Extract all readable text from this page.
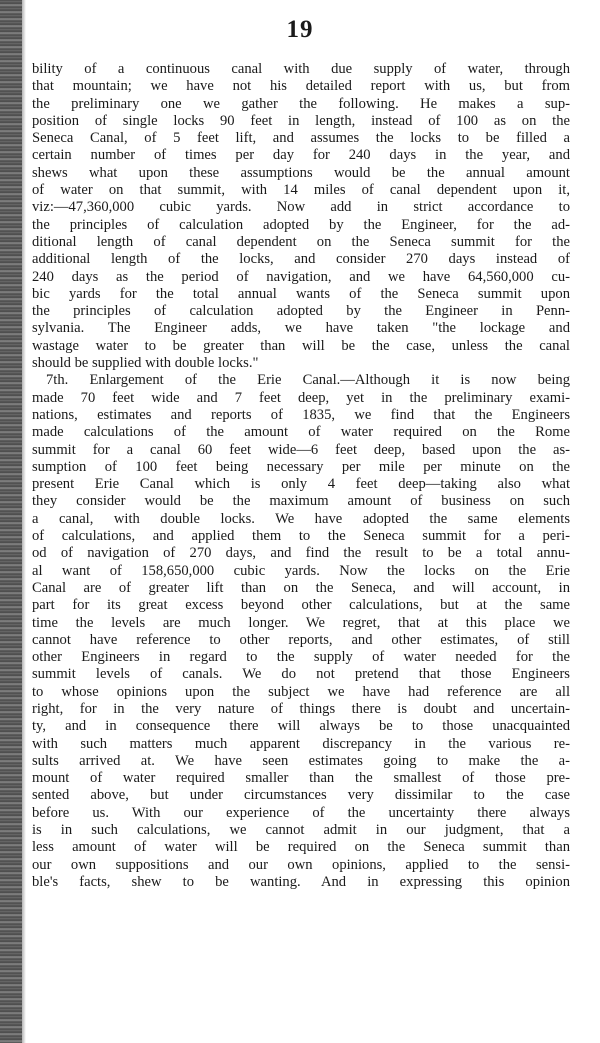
19
bility of a continuous canal with due supply of water, through
that mountain; we have not his detailed report with us, but from
the preliminary one we gather the following. He makes a sup-
position of single locks 90 feet in length, instead of 100 as on the
Seneca Canal, of 5 feet lift, and assumes the locks to be filled a
certain number of times per day for 240 days in the year, and
shews what upon these assumptions would be the annual amount
of water on that summit, with 14 miles of canal dependent upon it,
viz:—47,360,000 cubic yards. Now add in strict accordance to
the principles of calculation adopted by the Engineer, for the ad-
ditional length of canal dependent on the Seneca summit for the
additional length of the locks, and consider 270 days instead of
240 days as the period of navigation, and we have 64,560,000 cu-
bic yards for the total annual wants of the Seneca summit upon
the principles of calculation adopted by the Engineer in Penn-
sylvania. The Engineer adds, we have taken "the lockage and
wastage water to be greater than will be the case, unless the canal
should be supplied with double locks."
7th. Enlargement of the Erie Canal.—Although it is now being
made 70 feet wide and 7 feet deep, yet in the preliminary exami-
nations, estimates and reports of 1835, we find that the Engineers
made calculations of the amount of water required on the Rome
summit for a canal 60 feet wide—6 feet deep, based upon the as-
sumption of 100 feet being necessary per mile per minute on the
present Erie Canal which is only 4 feet deep—taking also what
they consider would be the maximum amount of business on such
a canal, with double locks. We have adopted the same elements
of calculations, and applied them to the Seneca summit for a peri-
od of navigation of 270 days, and find the result to be a total annu-
al want of 158,650,000 cubic yards. Now the locks on the Erie
Canal are of greater lift than on the Seneca, and will account, in
part for its great excess beyond other calculations, but at the same
time the levels are much longer. We regret, that at this place we
cannot have reference to other reports, and other estimates, of still
other Engineers in regard to the supply of water needed for the
summit levels of canals. We do not pretend that those Engineers
to whose opinions upon the subject we have had reference are all
right, for in the very nature of things there is doubt and uncertain-
ty, and in consequence there will always be to those unacquainted
with such matters much apparent discrepancy in the various re-
sults arrived at. We have seen estimates going to make the a-
mount of water required smaller than the smallest of those pre-
sented above, but under circumstances very dissimilar to the case
before us. With our experience of the uncertainty there always
is in such calculations, we cannot admit in our judgment, that a
less amount of water will be required on the Seneca summit than
our own suppositions and our own opinions, applied to the sensi-
ble's facts, shew to be wanting. And in expressing this opinion
